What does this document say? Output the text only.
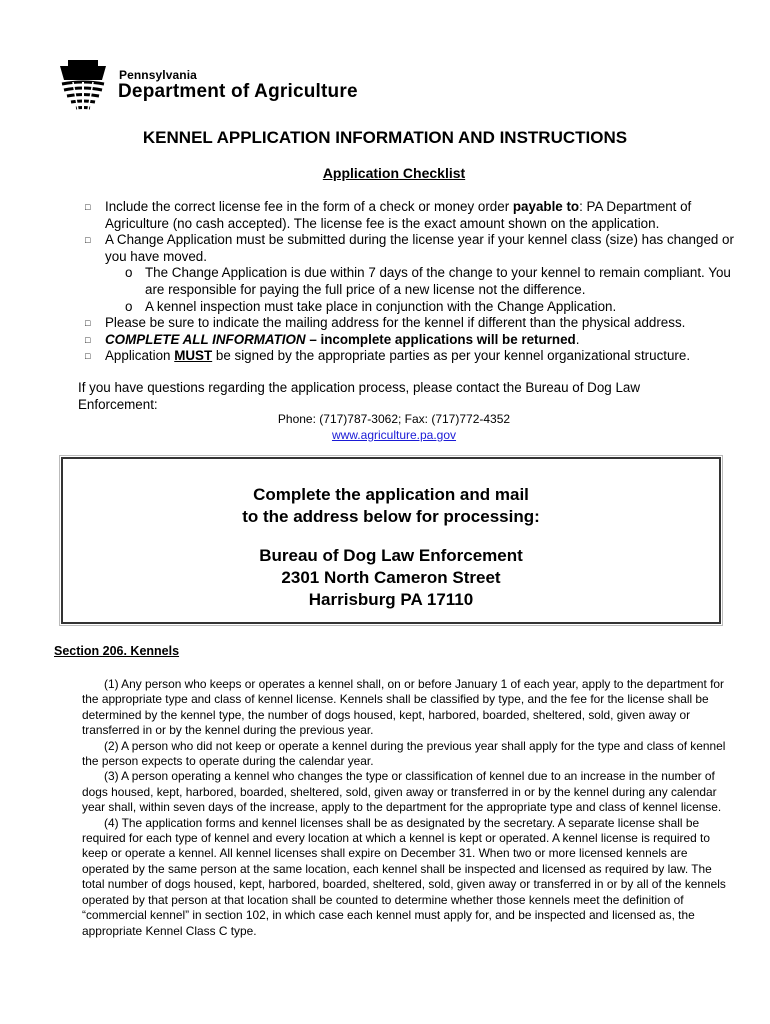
Pennsylvania
Department of Agriculture
KENNEL APPLICATION INFORMATION AND INSTRUCTIONS
Application Checklist
□ Include the correct license fee in the form of a check or money order payable to: PA Department of Agriculture (no cash accepted). The license fee is the exact amount shown on the application.
□ A Change Application must be submitted during the license year if your kennel class (size) has changed or you have moved.
o The Change Application is due within 7 days of the change to your kennel to remain compliant. You are responsible for paying the full price of a new license not the difference.
o A kennel inspection must take place in conjunction with the Change Application.
□ Please be sure to indicate the mailing address for the kennel if different than the physical address.
□ COMPLETE ALL INFORMATION – incomplete applications will be returned.
□ Application MUST be signed by the appropriate parties as per your kennel organizational structure.
If you have questions regarding the application process, please contact the Bureau of Dog Law Enforcement:
Phone: (717)787-3062; Fax: (717)772-4352
www.agriculture.pa.gov
Complete the application and mail
to the address below for processing:
Bureau of Dog Law Enforcement
2301 North Cameron Street
Harrisburg PA 17110
Section 206. Kennels

(1) Any person who keeps or operates a kennel shall, on or before January 1 of each year, apply to the department for the appropriate type and class of kennel license. Kennels shall be classified by type, and the fee for the license shall be determined by the kennel type, the number of dogs housed, kept, harbored, boarded, sheltered, sold, given away or transferred in or by the kennel during the previous year.

(2) A person who did not keep or operate a kennel during the previous year shall apply for the type and class of kennel the person expects to operate during the calendar year.

(3) A person operating a kennel who changes the type or classification of kennel due to an increase in the number of dogs housed, kept, harbored, boarded, sheltered, sold, given away or transferred in or by the kennel during any calendar year shall, within seven days of the increase, apply to the department for the appropriate type and class of kennel license.

(4) The application forms and kennel licenses shall be as designated by the secretary. A separate license shall be required for each type of kennel and every location at which a kennel is kept or operated. A kennel license is required to keep or operate a kennel. All kennel licenses shall expire on December 31. When two or more licensed kennels are operated by the same person at the same location, each kennel shall be inspected and licensed as required by law. The total number of dogs housed, kept, harbored, boarded, sheltered, sold, given away or transferred in or by all of the kennels operated by that person at that location shall be counted to determine whether those kennels meet the definition of “commercial kennel” in section 102, in which case each kennel must apply for, and be inspected and licensed as, the appropriate Kennel Class C type.
